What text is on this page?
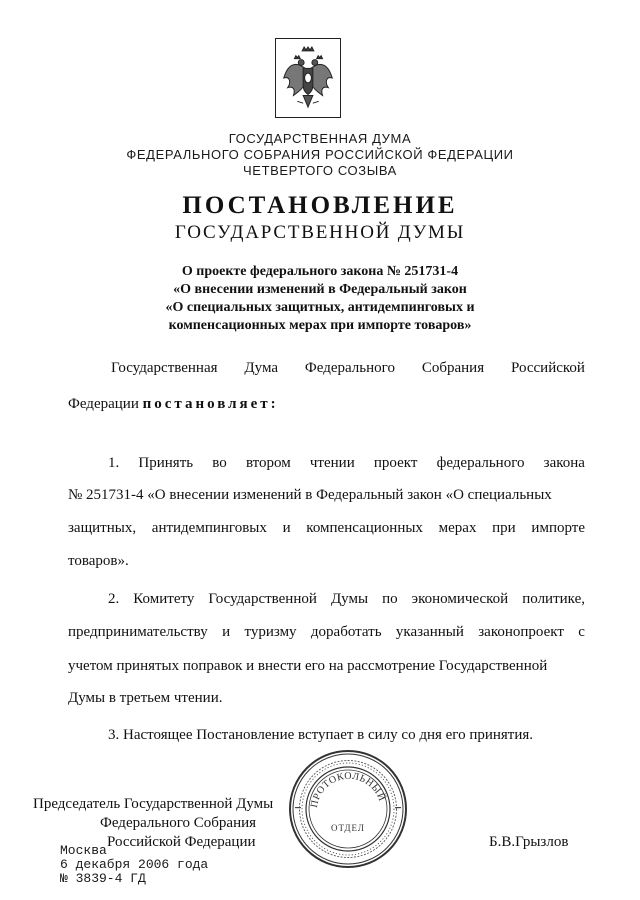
ГОСУДАРСТВЕННАЯ ДУМА
ФЕДЕРАЛЬНОГО СОБРАНИЯ РОССИЙСКОЙ ФЕДЕРАЦИИ
ЧЕТВЕРТОГО СОЗЫВА
ПОСТАНОВЛЕНИЕ
ГОСУДАРСТВЕННОЙ ДУМЫ
О проекте федерального закона № 251731-4
«О внесении изменений в Федеральный закон
«О специальных защитных, антидемпинговых и
компенсационных мерах при импорте товаров»
Государственная Дума Федерального Собрания Российской
Федерации постановляет:
1. Принять во втором чтении проект федерального закона
№ 251731-4 «О внесении изменений в Федеральный закон «О специальных
защитных, антидемпинговых и компенсационных мерах при импорте
товаров».
2. Комитету Государственной Думы по экономической политике,
предпринимательству и туризму доработать указанный законопроект с
учетом принятых поправок и внести его на рассмотрение Государственной
Думы в третьем чтении.
3. Настоящее Постановление вступает в силу со дня его принятия.
ПРОТОКОЛЬНЫЙ
ОТДЕЛ
Председатель Государственной Думы
Федерального Собрания
Российской Федерации	Б.В.Грызлов
Москва
6 декабря 2006 года
№ 3839-4 ГД
